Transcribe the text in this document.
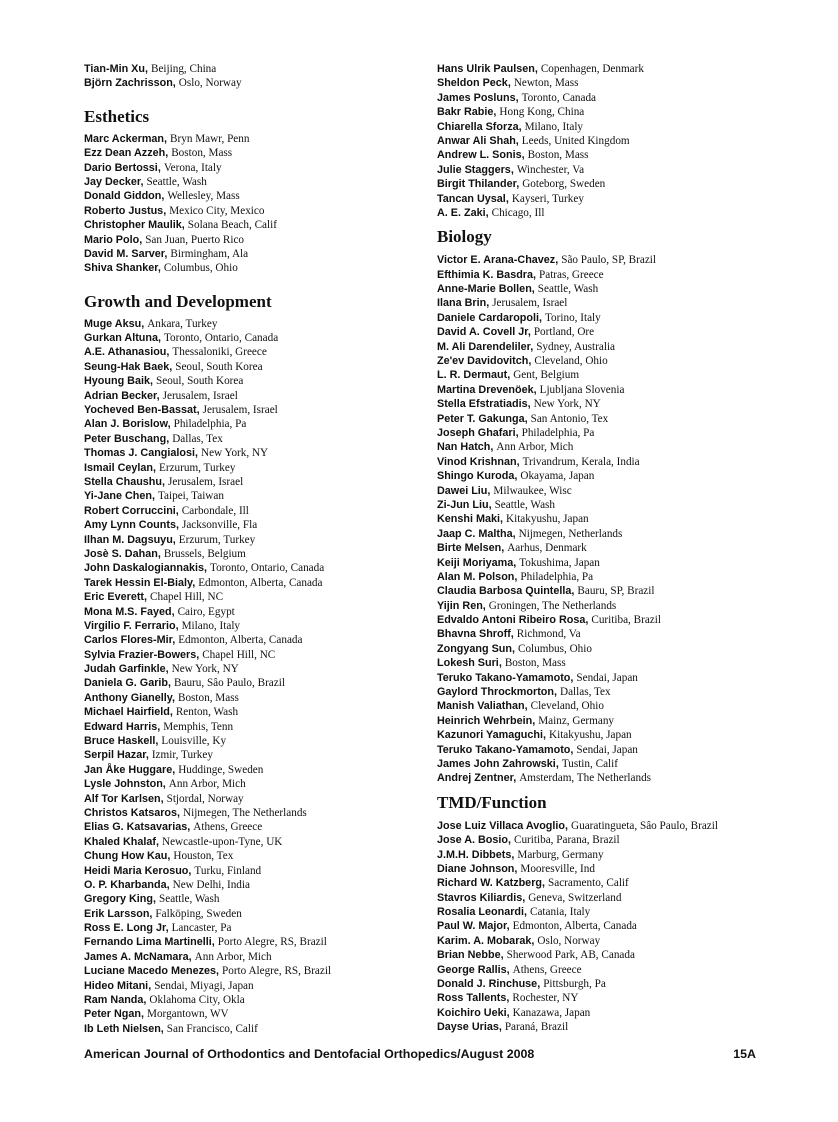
Tian-Min Xu, Beijing, China
Björn Zachrisson, Oslo, Norway
Esthetics
Marc Ackerman, Bryn Mawr, Penn
Ezz Dean Azzeh, Boston, Mass
Dario Bertossi, Verona, Italy
Jay Decker, Seattle, Wash
Donald Giddon, Wellesley, Mass
Roberto Justus, Mexico City, Mexico
Christopher Maulik, Solana Beach, Calif
Mario Polo, San Juan, Puerto Rico
David M. Sarver, Birmingham, Ala
Shiva Shanker, Columbus, Ohio
Growth and Development
Muge Aksu, Ankara, Turkey
Gurkan Altuna, Toronto, Ontario, Canada
A.E. Athanasiou, Thessaloniki, Greece
Seung-Hak Baek, Seoul, South Korea
Hyoung Baik, Seoul, South Korea
Adrian Becker, Jerusalem, Israel
Yocheved Ben-Bassat, Jerusalem, Israel
Alan J. Borislow, Philadelphia, Pa
Peter Buschang, Dallas, Tex
Thomas J. Cangialosi, New York, NY
Ismail Ceylan, Erzurum, Turkey
Stella Chaushu, Jerusalem, Israel
Yi-Jane Chen, Taipei, Taiwan
Robert Corruccini, Carbondale, Ill
Amy Lynn Counts, Jacksonville, Fla
Ilhan M. Dagsuyu, Erzurum, Turkey
Josè S. Dahan, Brussels, Belgium
John Daskalogiannakis, Toronto, Ontario, Canada
Tarek Hessin El-Bialy, Edmonton, Alberta, Canada
Eric Everett, Chapel Hill, NC
Mona M.S. Fayed, Cairo, Egypt
Virgilio F. Ferrario, Milano, Italy
Carlos Flores-Mir, Edmonton, Alberta, Canada
Sylvia Frazier-Bowers, Chapel Hill, NC
Judah Garfinkle, New York, NY
Daniela G. Garib, Bauru, Sâo Paulo, Brazil
Anthony Gianelly, Boston, Mass
Michael Hairfield, Renton, Wash
Edward Harris, Memphis, Tenn
Bruce Haskell, Louisville, Ky
Serpil Hazar, Izmir, Turkey
Jan Åke Huggare, Huddinge, Sweden
Lysle Johnston, Ann Arbor, Mich
Alf Tor Karlsen, Stjordal, Norway
Christos Katsaros, Nijmegen, The Netherlands
Elias G. Katsavarias, Athens, Greece
Khaled Khalaf, Newcastle-upon-Tyne, UK
Chung How Kau, Houston, Tex
Heidi Maria Kerosuo, Turku, Finland
O. P. Kharbanda, New Delhi, India
Gregory King, Seattle, Wash
Erik Larsson, Falköping, Sweden
Ross E. Long Jr, Lancaster, Pa
Fernando Lima Martinelli, Porto Alegre, RS, Brazil
James A. McNamara, Ann Arbor, Mich
Luciane Macedo Menezes, Porto Alegre, RS, Brazil
Hideo Mitani, Sendai, Miyagi, Japan
Ram Nanda, Oklahoma City, Okla
Peter Ngan, Morgantown, WV
Ib Leth Nielsen, San Francisco, Calif
Hans Ulrik Paulsen, Copenhagen, Denmark
Sheldon Peck, Newton, Mass
James Posluns, Toronto, Canada
Bakr Rabie, Hong Kong, China
Chiarella Sforza, Milano, Italy
Anwar Ali Shah, Leeds, United Kingdom
Andrew L. Sonis, Boston, Mass
Julie Staggers, Winchester, Va
Birgit Thilander, Goteborg, Sweden
Tancan Uysal, Kayseri, Turkey
A. E. Zaki, Chicago, Ill
Biology
Victor E. Arana-Chavez, São Paulo, SP, Brazil
Efthimia K. Basdra, Patras, Greece
Anne-Marie Bollen, Seattle, Wash
Ilana Brin, Jerusalem, Israel
Daniele Cardaropoli, Torino, Italy
David A. Covell Jr, Portland, Ore
M. Ali Darendeliler, Sydney, Australia
Ze'ev Davidovitch, Cleveland, Ohio
L. R. Dermaut, Gent, Belgium
Martina Drevenöek, Ljubljana Slovenia
Stella Efstratiadis, New York, NY
Peter T. Gakunga, San Antonio, Tex
Joseph Ghafari, Philadelphia, Pa
Nan Hatch, Ann Arbor, Mich
Vinod Krishnan, Trivandrum, Kerala, India
Shingo Kuroda, Okayama, Japan
Dawei Liu, Milwaukee, Wisc
Zi-Jun Liu, Seattle, Wash
Kenshi Maki, Kitakyushu, Japan
Jaap C. Maltha, Nijmegen, Netherlands
Birte Melsen, Aarhus, Denmark
Keiji Moriyama, Tokushima, Japan
Alan M. Polson, Philadelphia, Pa
Claudia Barbosa Quintella, Bauru, SP, Brazil
Yijin Ren, Groningen, The Netherlands
Edvaldo Antoni Ribeiro Rosa, Curitiba, Brazil
Bhavna Shroff, Richmond, Va
Zongyang Sun, Columbus, Ohio
Lokesh Suri, Boston, Mass
Teruko Takano-Yamamoto, Sendai, Japan
Gaylord Throckmorton, Dallas, Tex
Manish Valiathan, Cleveland, Ohio
Heinrich Wehrbein, Mainz, Germany
Kazunori Yamaguchi, Kitakyushu, Japan
Teruko Takano-Yamamoto, Sendai, Japan
James John Zahrowski, Tustin, Calif
Andrej Zentner, Amsterdam, The Netherlands
TMD/Function
Jose Luiz Villaca Avoglio, Guaratingueta, Sâo Paulo, Brazil
Jose A. Bosio, Curitiba, Parana, Brazil
J.M.H. Dibbets, Marburg, Germany
Diane Johnson, Mooresville, Ind
Richard W. Katzberg, Sacramento, Calif
Stavros Kiliardis, Geneva, Switzerland
Rosalia Leonardi, Catania, Italy
Paul W. Major, Edmonton, Alberta, Canada
Karim. A. Mobarak, Oslo, Norway
Brian Nebbe, Sherwood Park, AB, Canada
George Rallis, Athens, Greece
Donald J. Rinchuse, Pittsburgh, Pa
Ross Tallents, Rochester, NY
Koichiro Ueki, Kanazawa, Japan
Dayse Urias, Paraná, Brazil
American Journal of Orthodontics and Dentofacial Orthopedics/August 2008	15A
